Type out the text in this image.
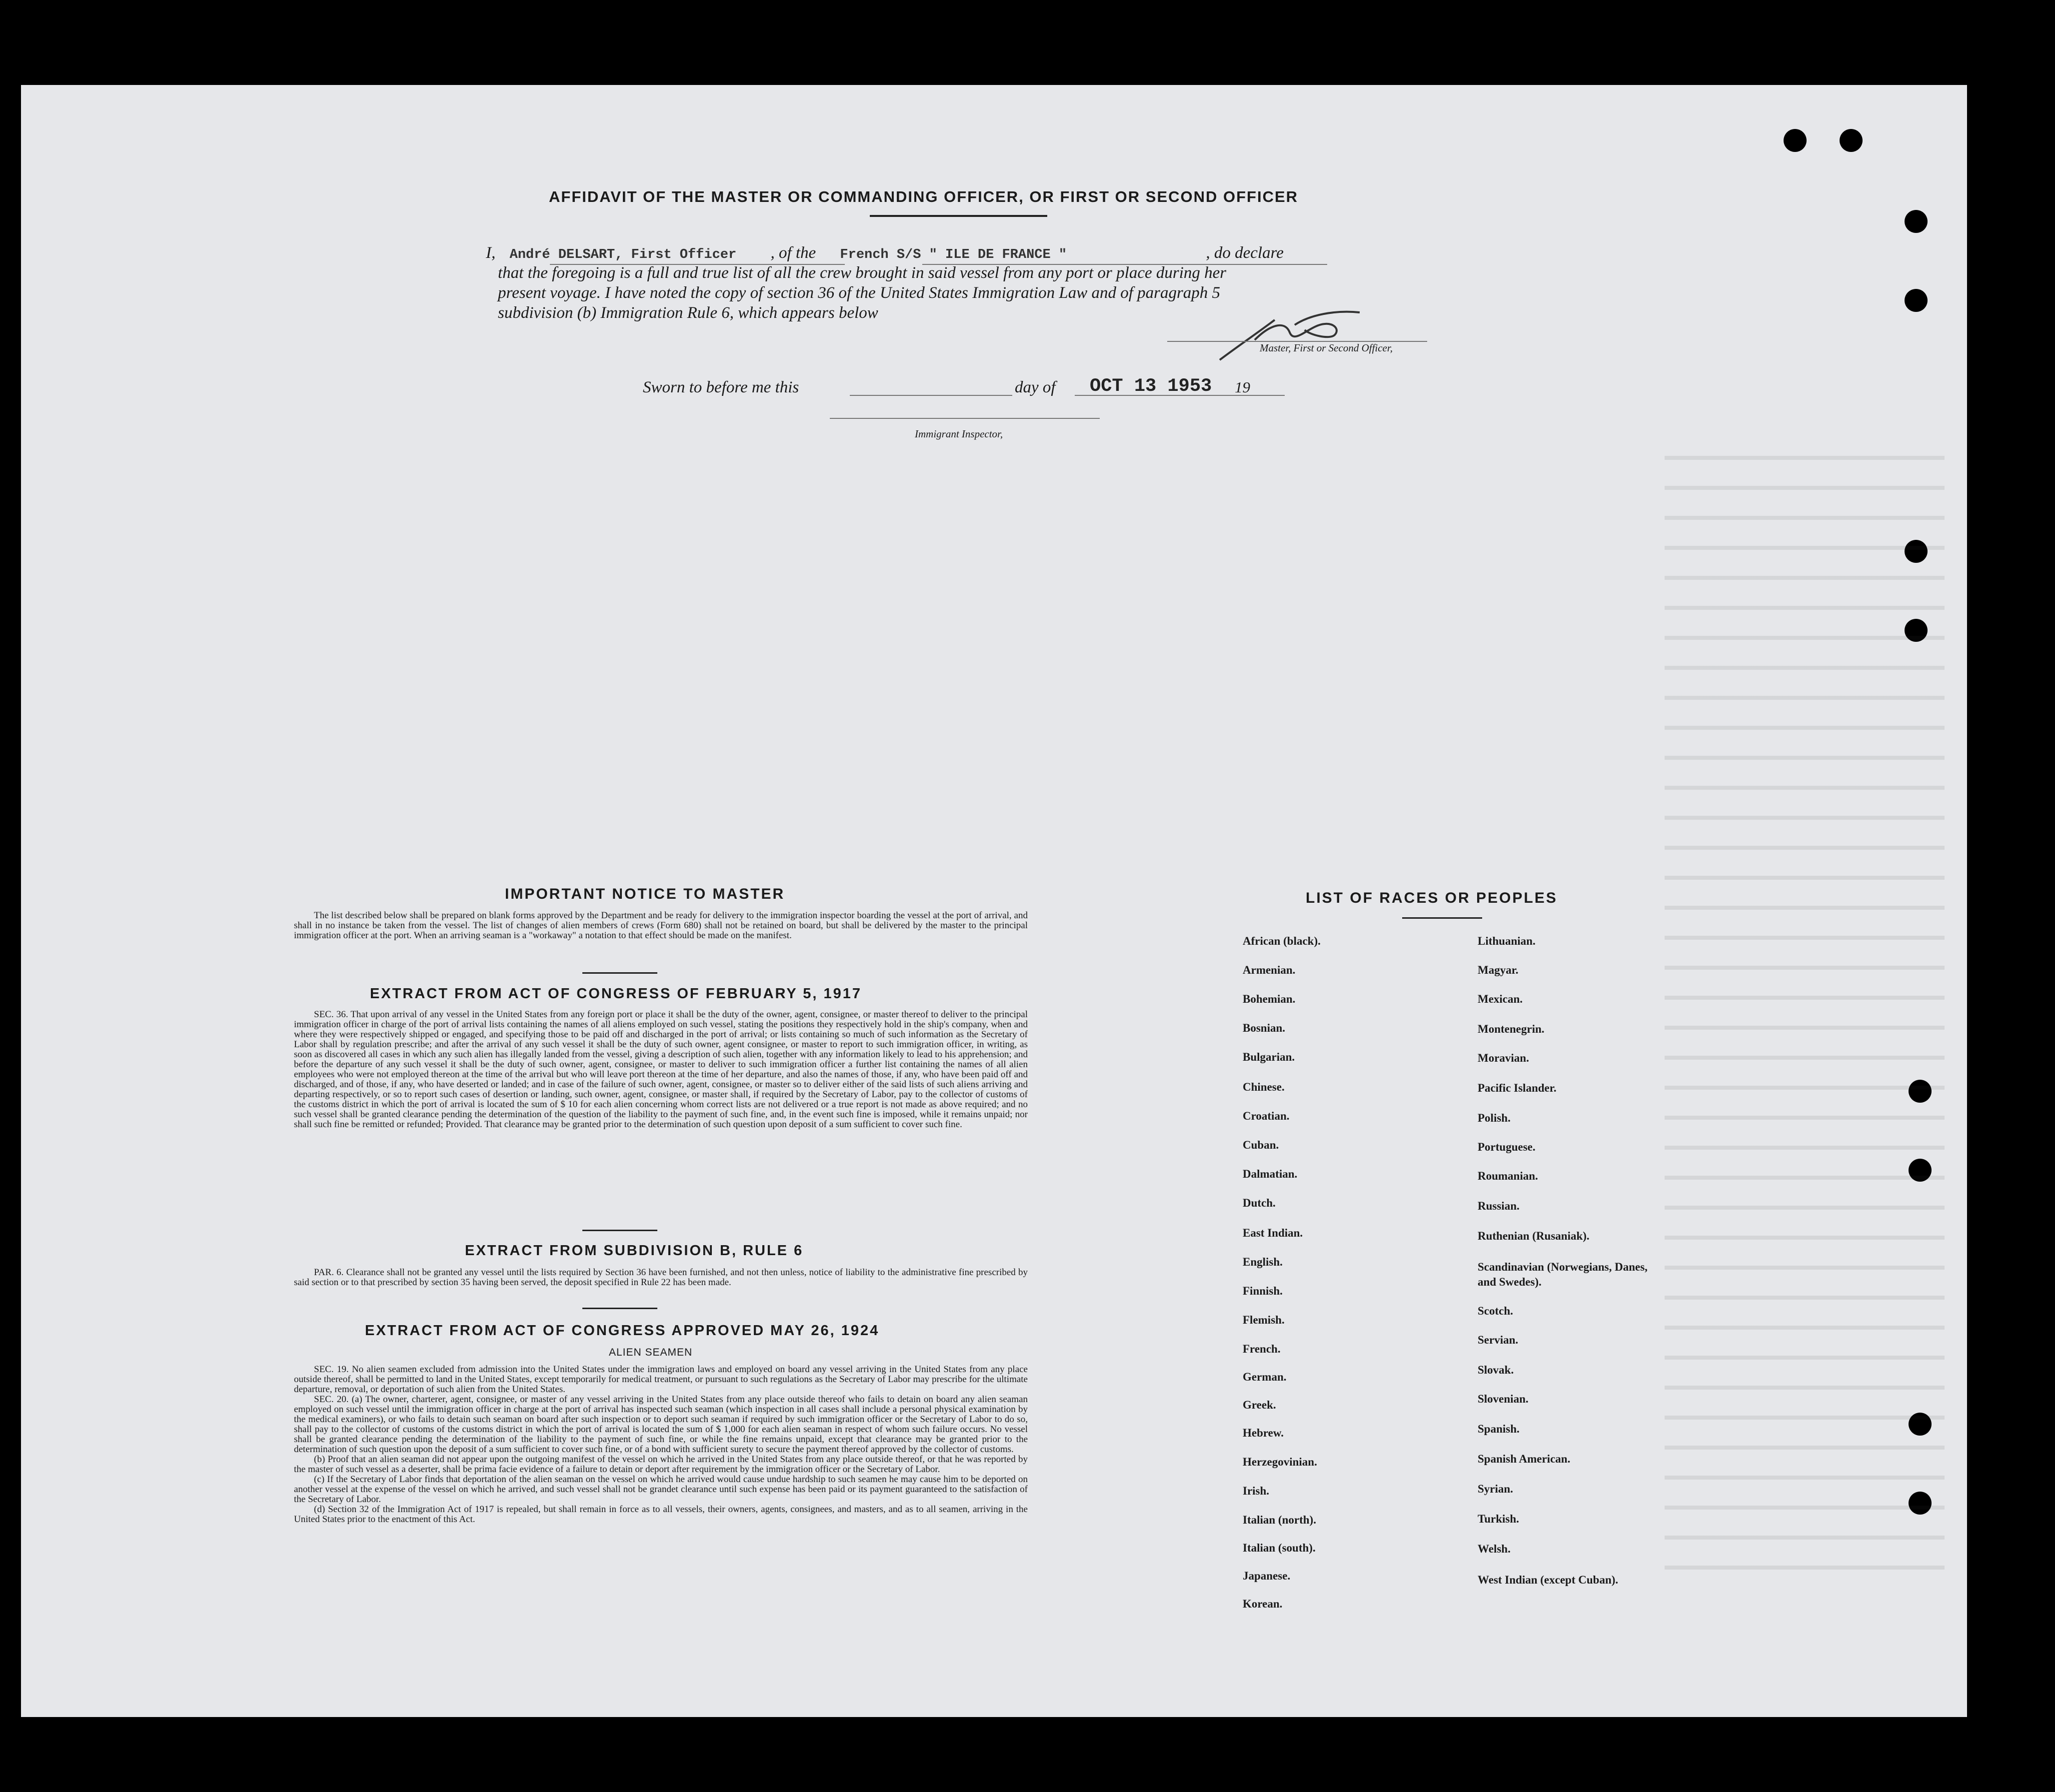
AFFIDAVIT OF THE MASTER OR COMMANDING OFFICER, OR FIRST OR SECOND OFFICER
I, André DELSART, First Officer , of the French S/S " ILE DE FRANCE "	, do declare
that the foregoing is a full and true list of all the crew brought in said vessel from any port or place during her
present voyage. I have noted the copy of section 36 of the United States Immigration Law and of paragraph 5
subdivision (b) Immigration Rule 6, which appears below
Master, First or Second Officer,
Sworn to before me this	day of OCT 13 1953 19
Immigrant Inspector,
IMPORTANT NOTICE TO MASTER

The list described below shall be prepared on blank forms approved by the Department and be ready for delivery to the immigration inspector boarding the vessel at the port of arrival, and shall in no instance be taken from the vessel. The list of changes of alien members of crews (Form 680) shall not be retained on board, but shall be delivered by the master to the principal immigration officer at the port. When an arriving seaman is a "workaway" a notation to that effect should be made on the manifest.

EXTRACT FROM ACT OF CONGRESS OF FEBRUARY 5, 1917

SEC. 36. That upon arrival of any vessel in the United States from any foreign port or place it shall be the duty of the owner, agent, consignee, or master thereof to deliver to the principal immigration officer in charge of the port of arrival lists containing the names of all aliens employed on such vessel, stating the positions they respectively hold in the ship's company, when and where they were respectively shipped or engaged, and specifying those to be paid off and discharged in the port of arrival; or lists containing so much of such information as the Secretary of Labor shall by regulation prescribe; and after the arrival of any such vessel it shall be the duty of such owner, agent consignee, or master to report to such immigration officer, in writing, as soon as discovered all cases in which any such alien has illegally landed from the vessel, giving a description of such alien, together with any information likely to lead to his apprehension; and before the departure of any such vessel it shall be the duty of such owner, agent, consignee, or master to deliver to such immigration officer a further list containing the names of all alien employees who were not employed thereon at the time of the arrival but who will leave port thereon at the time of her departure, and also the names of those, if any, who have been paid off and discharged, and of those, if any, who have deserted or landed; and in case of the failure of such owner, agent, consignee, or master so to deliver either of the said lists of such aliens arriving and departing respectively, or so to report such cases of desertion or landing, such owner, agent, consignee, or master shall, if required by the Secretary of Labor, pay to the collector of customs of the customs district in which the port of arrival is located the sum of $ 10 for each alien concerning whom correct lists are not delivered or a true report is not made as above required; and no such vessel shall be granted clearance pending the determination of the question of the liability to the payment of such fine, and, in the event such fine is imposed, while it remains unpaid; nor shall such fine be remitted or refunded; Provided. That clearance may be granted prior to the determination of such question upon deposit of a sum sufficient to cover such fine.

EXTRACT FROM SUBDIVISION B, RULE 6

PAR. 6. Clearance shall not be granted any vessel until the lists required by Section 36 have been furnished, and not then unless, notice of liability to the administrative fine prescribed by said section or to that prescribed by section 35 having been served, the deposit specified in Rule 22 has been made.

EXTRACT FROM ACT OF CONGRESS APPROVED MAY 26, 1924
ALIEN SEAMEN

SEC. 19. No alien seamen excluded from admission into the United States under the immigration laws and employed on board any vessel arriving in the United States from any place outside thereof, shall be permitted to land in the United States, except temporarily for medical treatment, or pursuant to such regulations as the Secretary of Labor may prescribe for the ultimate departure, removal, or deportation of such alien from the United States.

SEC. 20. (a) The owner, charterer, agent, consignee, or master of any vessel arriving in the United States from any place outside thereof who fails to detain on board any alien seaman employed on such vessel until the immigration officer in charge at the port of arrival has inspected such seaman (which inspection in all cases shall include a personal physical examination by the medical examiners), or who fails to detain such seaman on board after such inspection or to deport such seaman if required by such immigration officer or the Secretary of Labor to do so, shall pay to the collector of customs of the customs district in which the port of arrival is located the sum of $ 1,000 for each alien seaman in respect of whom such failure occurs. No vessel shall be granted clearance pending the determination of the liability to the payment of such fine, or while the fine remains unpaid, except that clearance may be granted prior to the determination of such question upon the deposit of a sum sufficient to cover such fine, or of a bond with sufficient surety to secure the payment thereof approved by the collector of customs.

(b) Proof that an alien seaman did not appear upon the outgoing manifest of the vessel on which he arrived in the United States from any place outside thereof, or that he was reported by the master of such vessel as a deserter, shall be prima facie evidence of a failure to detain or deport after requirement by the immigration officer or the Secretary of Labor.

(c) If the Secretary of Labor finds that deportation of the alien seaman on the vessel on which he arrived would cause undue hardship to such seamen he may cause him to be deported on another vessel at the expense of the vessel on which he arrived, and such vessel shall not be grandet clearance until such expense has been paid or its payment guaranteed to the satisfaction of the Secretary of Labor.

(d) Section 32 of the Immigration Act of 1917 is repealed, but shall remain in force as to all vessels, their owners, agents, consignees, and masters, and as to all seamen, arriving in the United States prior to the enactment of this Act.

LIST OF RACES OR PEOPLES
African (black).
Armenian.
Bohemian.
Bosnian.
Bulgarian.
Chinese.
Croatian.
Cuban.
Dalmatian.
Dutch.
East Indian.
English.
Finnish.
Flemish.
French.
German.
Greek.
Hebrew.
Herzegovinian.
Irish.
Italian (north).
Italian (south).
Japanese.
Korean.
Lithuanian.
Magyar.
Mexican.
Montenegrin.
Moravian.
Pacific Islander.
Polish.
Portuguese.
Roumanian.
Russian.
Ruthenian (Rusaniak).
Scandinavian (Norwegians, Danes, and Swedes).
Scotch.
Servian.
Slovak.
Slovenian.
Spanish.
Spanish American.
Syrian.
Turkish.
Welsh.
West Indian (except Cuban).
